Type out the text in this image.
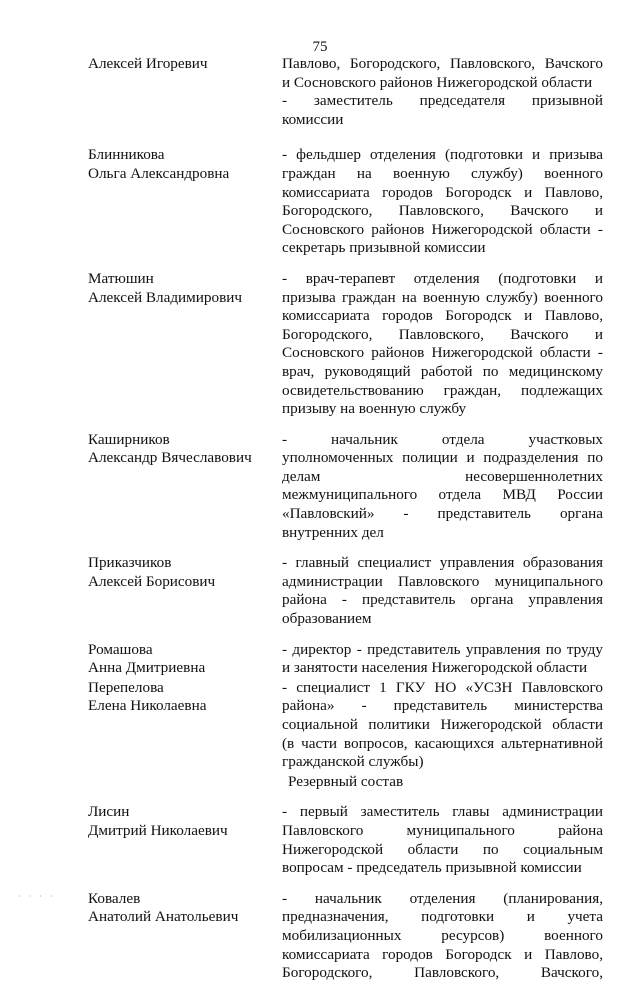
75
Алексей Игоревич	Павлово, Богородского, Павловского, Вачского
и Сосновского районов Нижегородской области
- заместитель председателя призывной
комиссии
Блинникова
Ольга Александровна
- фельдшер отделения (подготовки и призыва
граждан на военную службу) военного
комиссариата городов Богородск и Павлово,
Богородского, Павловского, Вачского и
Сосновского районов Нижегородской области -
секретарь призывной комиссии
Матюшин
Алексей Владимирович
- врач-терапевт отделения (подготовки и
призыва граждан на военную службу) военного
комиссариата городов Богородск и Павлово,
Богородского, Павловского, Вачского и
Сосновского районов Нижегородской области -
врач, руководящий работой по медицинскому
освидетельствованию граждан, подлежащих
призыву на военную службу
Каширников
Александр Вячеславович
- начальник отдела участковых
уполномоченных полиции и подразделения по
делам несовершеннолетних
межмуниципального отдела МВД России
«Павловский» - представитель органа
внутренних дел
Приказчиков
Алексей Борисович
- главный специалист управления образования
администрации Павловского муниципального
района - представитель органа управления
образованием
Ромашова
Анна Дмитриевна
- директор - представитель управления по труду
и занятости населения Нижегородской области
Перепелова
Елена Николаевна
- специалист 1 ГКУ НО «УСЗН Павловского
района» - представитель министерства
социальной политики Нижегородской области
(в части вопросов, касающихся альтернативной
гражданской службы)
Резервный состав
Лисин
Дмитрий Николаевич
- первый заместитель главы администрации
Павловского муниципального района
Нижегородской области по социальным
вопросам - председатель призывной комиссии
Ковалев
Анатолий Анатольевич
- начальник отделения (планирования,
предназначения, подготовки и учета
мобилизационных ресурсов) военного
комиссариата городов Богородск и Павлово,
Богородского, Павловского, Вачского,
· · · ·
